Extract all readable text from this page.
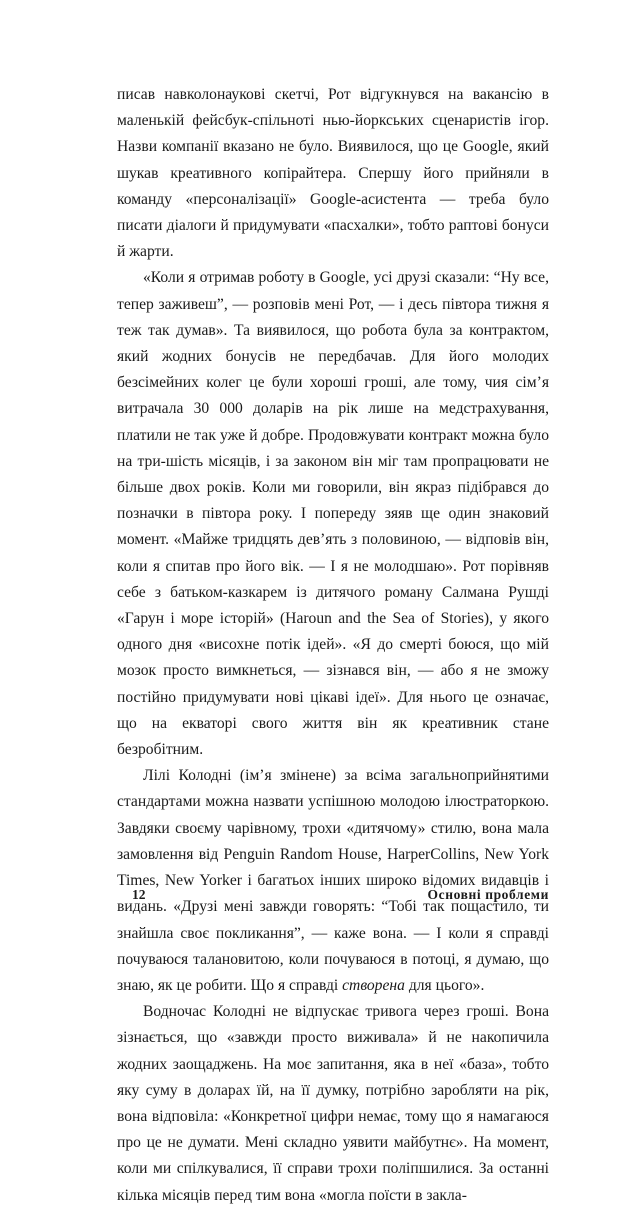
писав навколонаукові скетчі, Рот відгукнувся на вакансію в маленькій фейсбук-спільноті нью-йоркських сценаристів ігор. Назви компанії вказано не було. Виявилося, що це Google, який шукав креативного копірайтера. Спершу його прийняли в команду «персоналізації» Google-асистента — треба було писати діалоги й придумувати «пасхалки», тобто раптові бонуси й жарти.

«Коли я отримав роботу в Google, усі друзі сказали: “Ну все, тепер заживеш”, — розповів мені Рот, — і десь півтора тижня я теж так думав». Та виявилося, що робота була за контрактом, який жодних бонусів не передбачав. Для його молодих безсімейних колег це були хороші гроші, але тому, чия сім’я витрачала 30 000 доларів на рік лише на медстрахування, платили не так уже й добре. Продовжувати контракт можна було на три-шість місяців, і за законом він міг там пропрацювати не більше двох років. Коли ми говорили, він якраз підібрався до позначки в півтора року. І попереду зяяв ще один знаковий момент. «Майже тридцять дев’ять з половиною, — відповів він, коли я спитав про його вік. — І я не молодшаю». Рот порівняв себе з батьком-казкарем із дитячого роману Салмана Рушді «Гарун і море історій» (Haroun and the Sea of Stories), у якого одного дня «висохне потік ідей». «Я до смерті боюся, що мій мозок просто вимкнеться, — зізнався він, — або я не зможу постійно придумувати нові цікаві ідеї». Для нього це означає, що на екваторі свого життя він як креативник стане безробітним.

Лілі Колодні (ім’я змінене) за всіма загальноприйнятими стандартами можна назвати успішною молодою ілюстраторкою. Завдяки своєму чарівному, трохи «дитячому» стилю, вона мала замовлення від Penguin Random House, HarperCollins, New York Times, New Yorker і багатьох інших широко відомих видавців і видань. «Друзі мені завжди говорять: “Тобі так пощастило, ти знайшла своє покликання”, — каже вона. — І коли я справді почуваюся талановитою, коли почуваюся в потоці, я думаю, що знаю, як це робити. Що я справді створена для цього».

Водночас Колодні не відпускає тривога через гроші. Вона зізнається, що «завжди просто виживала» й не накопичила жодних заощаджень. На моє запитання, яка в неї «база», тобто яку суму в доларах їй, на її думку, потрібно заробляти на рік, вона відповіла: «Конкретної цифри немає, тому що я намагаюся про це не думати. Мені складно уявити майбутнє». На момент, коли ми спілкувалися, її справи трохи поліпшилися. За останні кілька місяців перед тим вона «могла поїсти в закла-

12	Основні проблеми
